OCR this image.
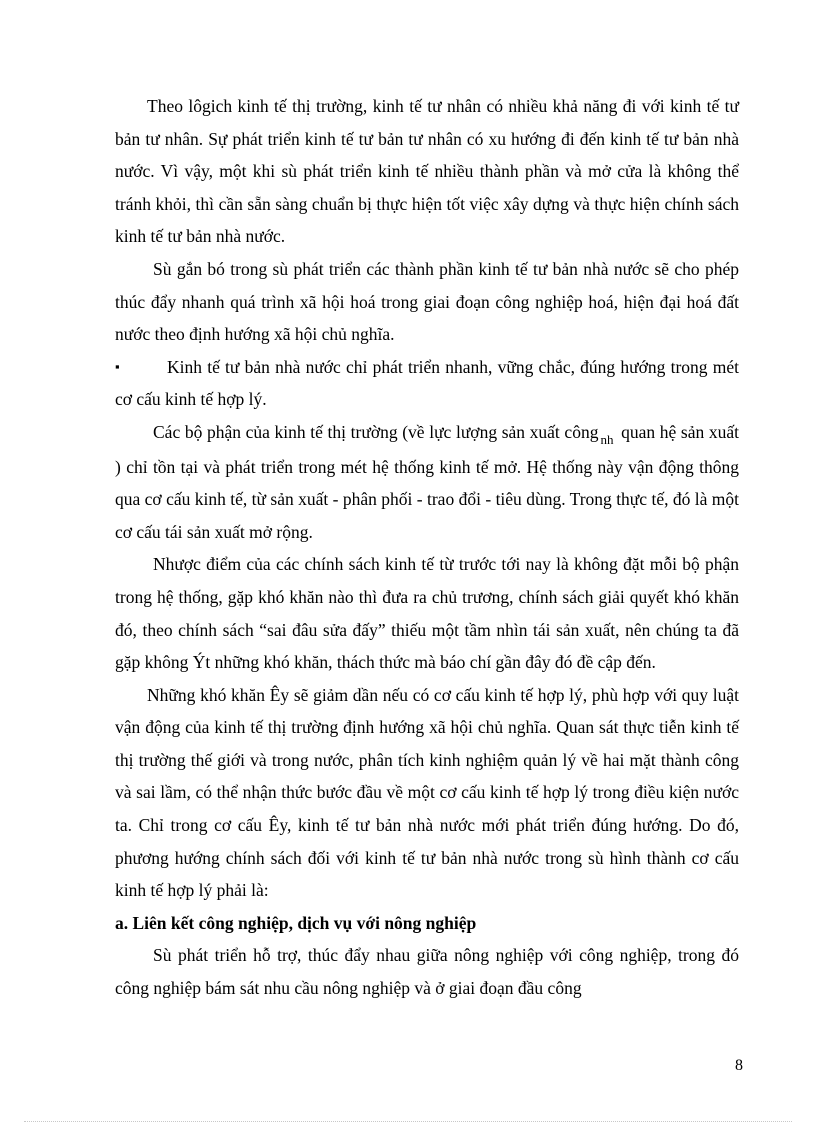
Theo lôgich kinh tế thị trường, kinh tế tư nhân có nhiều khả năng đi với kinh tế tư bản tư nhân. Sự phát triển kinh tế tư bản tư nhân có xu hướng đi đến kinh tế tư bản nhà nước. Vì vậy, một khi sù phát triển kinh tế nhiều thành phần và mở cửa là không thể tránh khỏi, thì cần sẵn sàng chuẩn bị thực hiện tốt việc xây dựng và thực hiện chính sách kinh tế tư bản nhà nước.

Sù gắn bó trong sù phát triển các thành phần kinh tế tư bản nhà nước sẽ cho phép thúc đẩy nhanh quá trình xã hội hoá trong giai đoạn công nghiệp hoá, hiện đại hoá đất nước theo định hướng xã hội chủ nghĩa.

▪	Kinh tế tư bản nhà nước chỉ phát triển nhanh, vững chắc, đúng hướng trong mét cơ cấu kinh tế hợp lý.

Các bộ phận của kinh tế thị trường (về lực lượng sản xuất công $_{nh}$ quan hệ sản xuất ) chỉ tồn tại và phát triển trong mét hệ thống kinh tế mở. Hệ thống này vận động thông qua cơ cấu kinh tế, từ sản xuất - phân phối - trao đổi - tiêu dùng. Trong thực tế, đó là một cơ cấu tái sản xuất mở rộng.

Nhược điểm của các chính sách kinh tế từ trước tới nay là không đặt mỗi bộ phận trong hệ thống, gặp khó khăn nào thì đưa ra chủ trương, chính sách giải quyết khó khăn đó, theo chính sách “sai đâu sửa đấy” thiếu một tầm nhìn tái sản xuất, nên chúng ta đã gặp không Ýt những khó khăn, thách thức mà báo chí gần đây đó đề cập đến.

Những khó khăn Êy sẽ giảm dần nếu có cơ cấu kinh tế hợp lý, phù hợp với quy luật vận động của kinh tế thị trường định hướng xã hội chủ nghĩa. Quan sát thực tiễn kinh tế thị trường thế giới và trong nước, phân tích kinh nghiệm quản lý về hai mặt thành công và sai lầm, có thể nhận thức bước đầu về một cơ cấu kinh tế hợp lý trong điều kiện nước ta. Chỉ trong cơ cấu Êy, kinh tế tư bản nhà nước mới phát triển đúng hướng. Do đó, phương hướng chính sách đối với kinh tế tư bản nhà nước trong sù hình thành cơ cấu kinh tế hợp lý phải là:

a. Liên kết công nghiệp, dịch vụ với nông nghiệp

Sù phát triển hỗ trợ, thúc đẩy nhau giữa nông nghiệp với công nghiệp, trong đó công nghiệp bám sát nhu cầu nông nghiệp và ở giai đoạn đầu công

8
